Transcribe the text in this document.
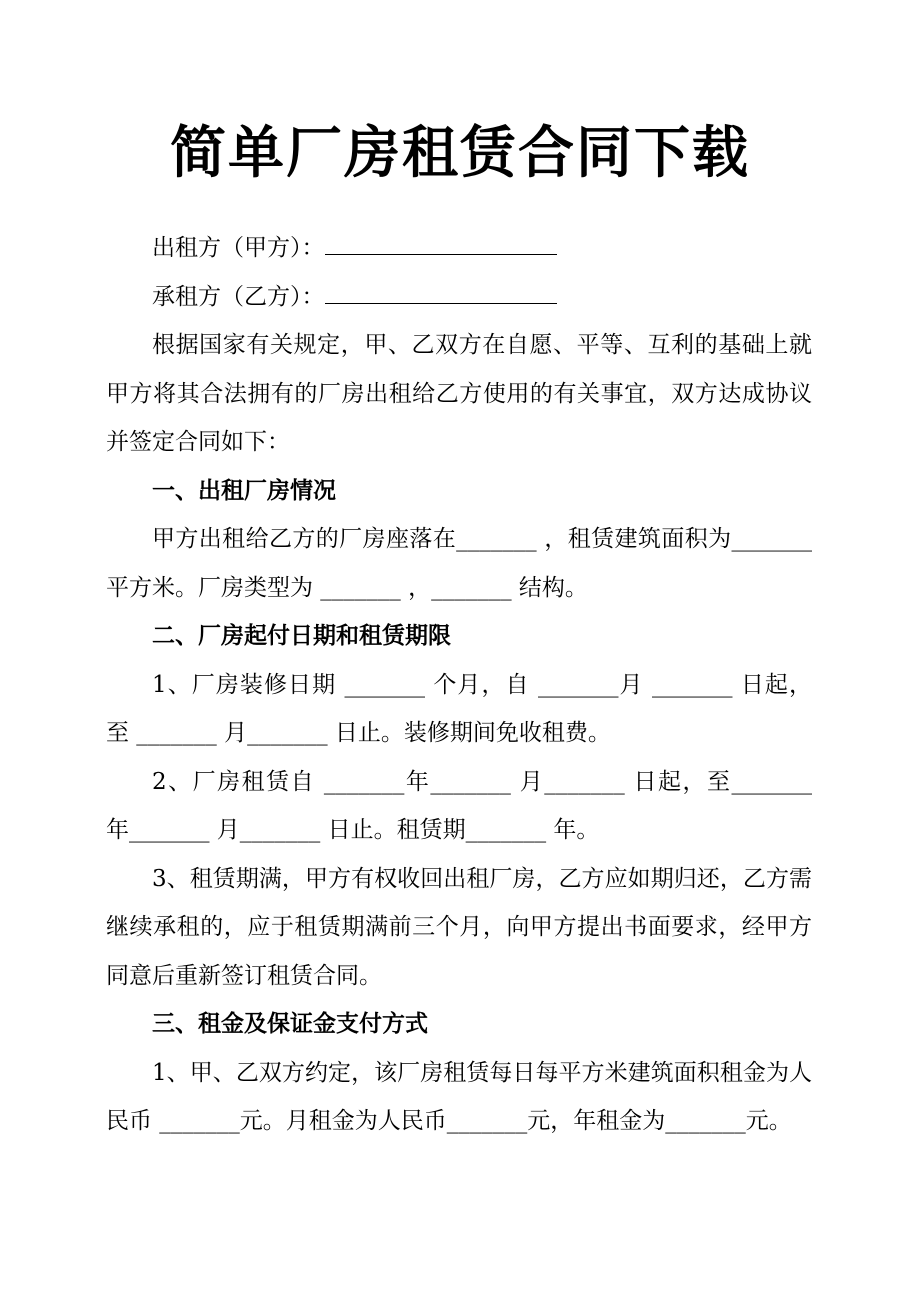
简单厂房租赁合同下载

出租方（甲方）：

承租方（乙方）：

根据国家有关规定，甲、乙双方在自愿、平等、互利的基础上就甲方将其合法拥有的厂房出租给乙方使用的有关事宜，双方达成协议并签定合同如下：

一、出租厂房情况

甲方出租给乙方的厂房座落在_______ ，租赁建筑面积为_______ 平方米。厂房类型为 _______ ，_______ 结构。

二、厂房起付日期和租赁期限

1、厂房装修日期 _______ 个月，自 _______月 _______ 日起，至 _______ 月_______ 日止。装修期间免收租费。

2、厂房租赁自 _______年_______ 月_______ 日起，至_______ 年_______ 月_______ 日止。租赁期_______ 年。

3、租赁期满，甲方有权收回出租厂房，乙方应如期归还，乙方需继续承租的，应于租赁期满前三个月，向甲方提出书面要求，经甲方同意后重新签订租赁合同。

三、租金及保证金支付方式

1、甲、乙双方约定，该厂房租赁每日每平方米建筑面积租金为人民币 _______元。月租金为人民币_______元，年租金为_______元。
